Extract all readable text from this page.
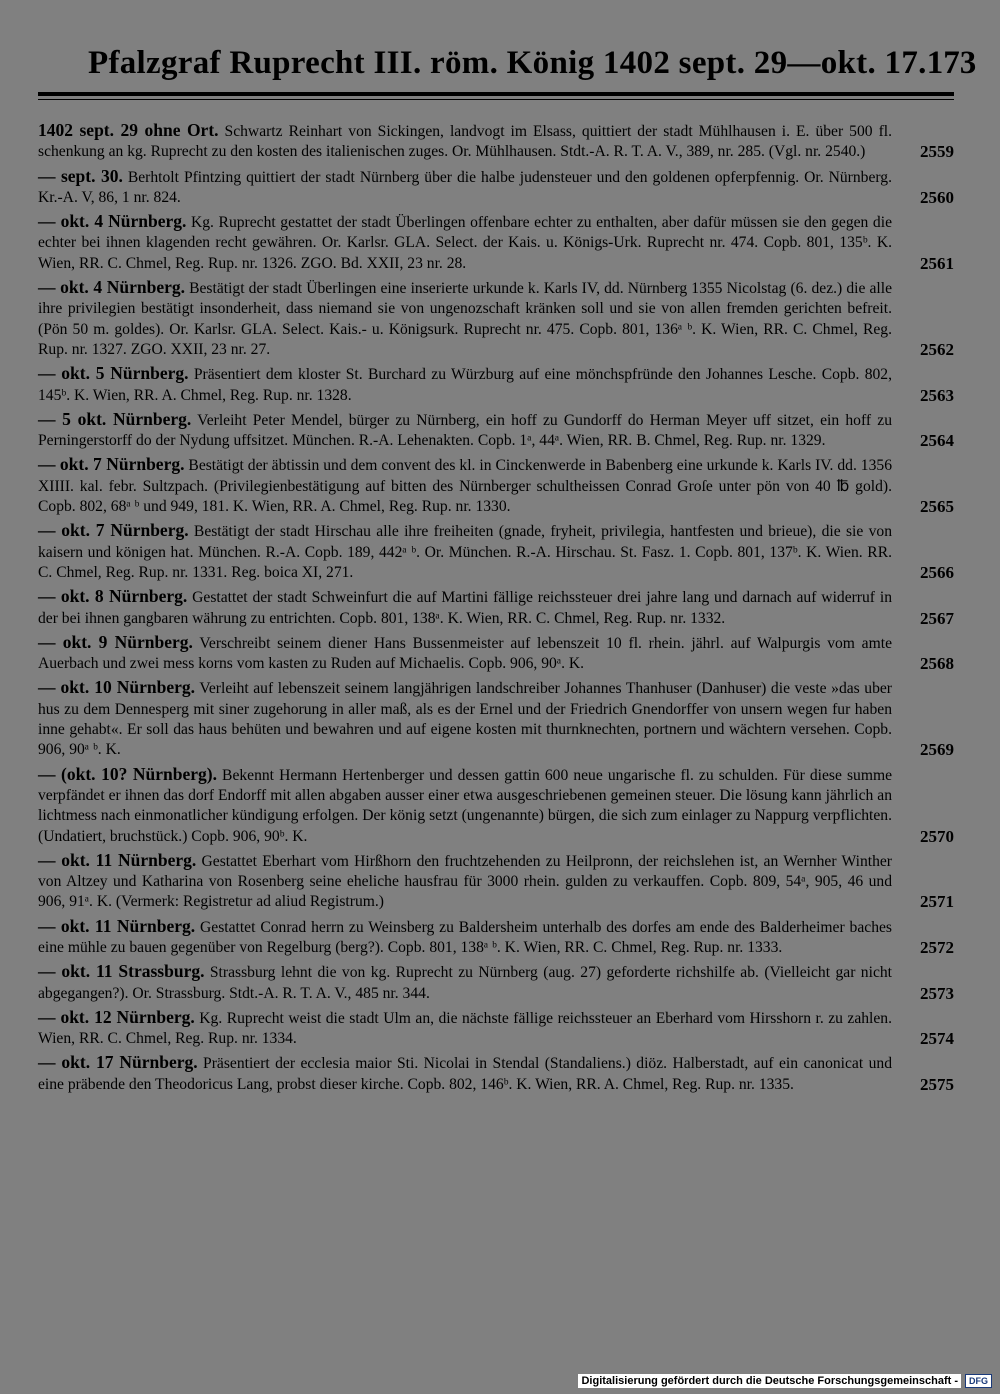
Pfalzgraf Ruprecht III. röm. König 1402 sept. 29—okt. 17. 173
1402 sept. 29 ohne Ort. Schwartz Reinhart von Sickingen, landvogt im Elsass, quittiert der stadt Mühlhausen i. E. über 500 fl. schenkung an kg. Ruprecht zu den kosten des italienischen zuges. Or. Mühlhausen. Stdt.-A. R. T. A. V., 389, nr. 285. (Vgl. nr. 2540.)	2559
— sept. 30. Berhtolt Pfintzing quittiert der stadt Nürnberg über die halbe judensteuer und den goldenen opferpfennig. Or. Nürnberg. Kr.-A. V, 86, 1 nr. 824.	2560
— okt. 4 Nürnberg. Kg. Ruprecht gestattet der stadt Überlingen offenbare echter zu enthalten, aber dafür müssen sie den gegen die echter bei ihnen klagenden recht gewähren. Or. Karlsr. GLA. Select. der Kais. u. Königs-Urk. Ruprecht nr. 474. Copb. 801, 135ᵇ. K. Wien, RR. C. Chmel, Reg. Rup. nr. 1326. ZGO. Bd. XXII, 23 nr. 28.	2561
— okt. 4 Nürnberg. Bestätigt der stadt Überlingen eine inserierte urkunde k. Karls IV, dd. Nürnberg 1355 Nicolstag (6. dez.) die alle ihre privilegien bestätigt insonderheit, dass niemand sie von ungenozschaft kränken soll und sie von allen fremden gerichten befreit. (Pön 50 m. goldes). Or. Karlsr. GLA. Select. Kais.- u. Königsurk. Ruprecht nr. 475. Copb. 801, 136ᵃ ᵇ. K. Wien, RR. C. Chmel, Reg. Rup. nr. 1327. ZGO. XXII, 23 nr. 27.	2562
— okt. 5 Nürnberg. Präsentiert dem kloster St. Burchard zu Würzburg auf eine mönchspfründe den Johannes Lesche. Copb. 802, 145ᵇ. K. Wien, RR. A. Chmel, Reg. Rup. nr. 1328.	2563
— 5 okt. Nürnberg. Verleiht Peter Mendel, bürger zu Nürnberg, ein hoff zu Gundorff do Herman Meyer uff sitzet, ein hoff zu Perningerstorff do der Nydung uffsitzet. München. R.-A. Lehenakten. Copb. 1ᵃ, 44ᵃ. Wien, RR. B. Chmel, Reg. Rup. nr. 1329.	2564
— okt. 7 Nürnberg. Bestätigt der äbtissin und dem convent des kl. in Cinckenwerde in Babenberg eine urkunde k. Karls IV. dd. 1356 XIIII. kal. febr. Sultzpach. (Privilegienbestätigung auf bitten des Nürnberger schultheissen Conrad Groſe unter pön von 40 ℔ gold). Copb. 802, 68ᵃ ᵇ und 949, 181. K. Wien, RR. A. Chmel, Reg. Rup. nr. 1330.	2565
— okt. 7 Nürnberg. Bestätigt der stadt Hirschau alle ihre freiheiten (gnade, fryheit, privilegia, hantfesten und brieue), die sie von kaisern und königen hat. München. R.-A. Copb. 189, 442ᵃ ᵇ. Or. München. R.-A. Hirschau. St. Fasz. 1. Copb. 801, 137ᵇ. K. Wien. RR. C. Chmel, Reg. Rup. nr. 1331. Reg. boica XI, 271.	2566
— okt. 8 Nürnberg. Gestattet der stadt Schweinfurt die auf Martini fällige reichssteuer drei jahre lang und darnach auf widerruf in der bei ihnen gangbaren währung zu entrichten. Copb. 801, 138ᵃ. K. Wien, RR. C. Chmel, Reg. Rup. nr. 1332.	2567
— okt. 9 Nürnberg. Verschreibt seinem diener Hans Bussenmeister auf lebenszeit 10 fl. rhein. jährl. auf Walpurgis vom amte Auerbach und zwei mess korns vom kasten zu Ruden auf Michaelis. Copb. 906, 90ᵃ. K.	2568
— okt. 10 Nürnberg. Verleiht auf lebenszeit seinem langjährigen landschreiber Johannes Thanhuser (Danhuser) die veste »das uber hus zu dem Dennesperg mit siner zugehorung in aller maß, als es der Ernel und der Friedrich Gnendorffer von unsern wegen fur haben inne gehabt«. Er soll das haus behüten und bewahren und auf eigene kosten mit thurnknechten, portnern und wächtern versehen. Copb. 906, 90ᵃ ᵇ. K.	2569
— (okt. 10? Nürnberg). Bekennt Hermann Hertenberger und dessen gattin 600 neue ungarische fl. zu schulden. Für diese summe verpfändet er ihnen das dorf Endorff mit allen abgaben ausser einer etwa ausgeschriebenen gemeinen steuer. Die lösung kann jährlich an lichtmess nach einmonatlicher kündigung erfolgen. Der könig setzt (ungenannte) bürgen, die sich zum einlager zu Nappurg verpflichten. (Undatiert, bruchstück.) Copb. 906, 90ᵇ. K.	2570
— okt. 11 Nürnberg. Gestattet Eberhart vom Hirßhorn den fruchtzehenden zu Heilpronn, der reichslehen ist, an Wernher Winther von Altzey und Katharina von Rosenberg seine eheliche hausfrau für 3000 rhein. gulden zu verkauffen. Copb. 809, 54ᵃ, 905, 46 und 906, 91ᵃ. K. (Vermerk: Registretur ad aliud Registrum.)	2571
— okt. 11 Nürnberg. Gestattet Conrad herrn zu Weinsberg zu Baldersheim unterhalb des dorfes am ende des Balderheimer baches eine mühle zu bauen gegenüber von Regelburg (berg?). Copb. 801, 138ᵃ ᵇ. K. Wien, RR. C. Chmel, Reg. Rup. nr. 1333.	2572
— okt. 11 Strassburg. Strassburg lehnt die von kg. Ruprecht zu Nürnberg (aug. 27) geforderte richshilfe ab. (Vielleicht gar nicht abgegangen?). Or. Strassburg. Stdt.-A. R. T. A. V., 485 nr. 344.	2573
— okt. 12 Nürnberg. Kg. Ruprecht weist die stadt Ulm an, die nächste fällige reichssteuer an Eberhard vom Hirsshorn r. zu zahlen. Wien, RR. C. Chmel, Reg. Rup. nr. 1334.	2574
— okt. 17 Nürnberg. Präsentiert der ecclesia maior Sti. Nicolai in Stendal (Standaliens.) diöz. Halberstadt, auf ein canonicat und eine präbende den Theodoricus Lang, probst dieser kirche. Copb. 802, 146ᵇ. K. Wien, RR. A. Chmel, Reg. Rup. nr. 1335.	2575
Digitalisierung gefördert durch die Deutsche Forschungsgemeinschaft -	DFG
